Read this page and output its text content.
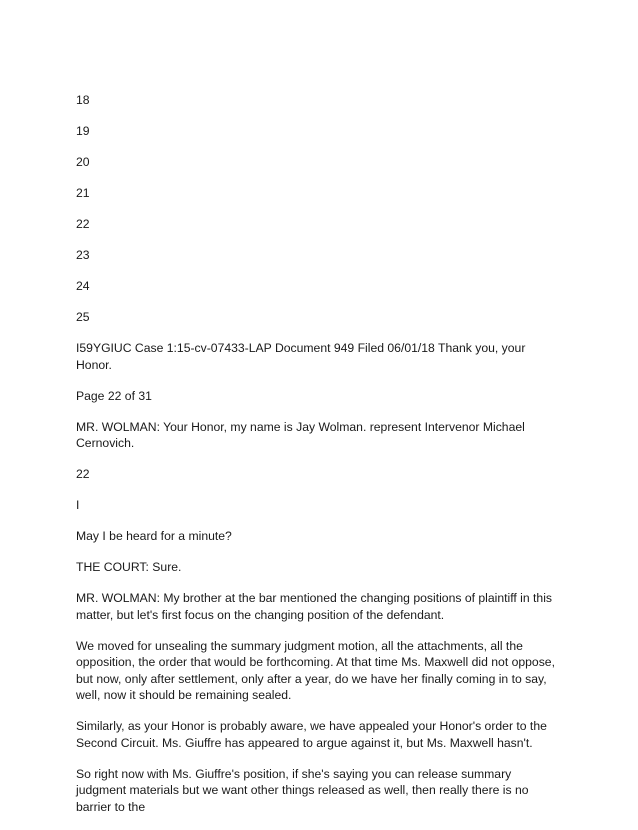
18
19
20
21
22
23
24
25

I59YGIUC Case 1:15-cv-07433-LAP Document 949 Filed 06/01/18 Thank you, your Honor.

Page 22 of 31

MR. WOLMAN: Your Honor, my name is Jay Wolman. represent Intervenor Michael Cernovich.

22

I

May I be heard for a minute?

THE COURT: Sure.

MR. WOLMAN: My brother at the bar mentioned the changing positions of plaintiff in this matter, but let's first focus on the changing position of the defendant.

We moved for unsealing the summary judgment motion, all the attachments, all the opposition, the order that would be forthcoming. At that time Ms. Maxwell did not oppose, but now, only after settlement, only after a year, do we have her finally coming in to say, well, now it should be remaining sealed.

Similarly, as your Honor is probably aware, we have appealed your Honor's order to the Second Circuit. Ms. Giuffre has appeared to argue against it, but Ms. Maxwell hasn't.

So right now with Ms. Giuffre's position, if she's saying you can release summary judgment materials but we want other things released as well, then really there is no barrier to the
